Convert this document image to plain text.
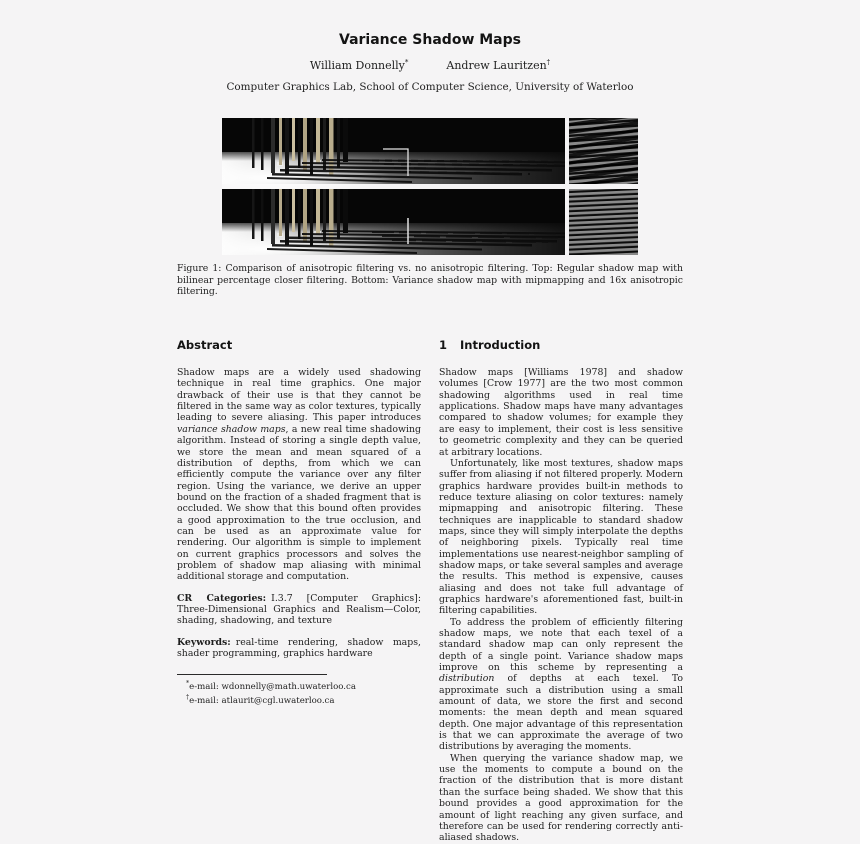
Variance Shadow Maps
William Donnelly*	Andrew Lauritzen†
Computer Graphics Lab, School of Computer Science, University of Waterloo
Figure 1: Comparison of anisotropic filtering vs. no anisotropic filtering. Top: Regular shadow map with bilinear percentage closer filtering. Bottom: Variance shadow map with mipmapping and 16x anisotropic filtering.
Abstract

Shadow maps are a widely used shadowing technique in real time graphics. One major drawback of their use is that they cannot be filtered in the same way as color textures, typically leading to severe aliasing. This paper introduces variance shadow maps, a new real time shadowing algorithm. Instead of storing a single depth value, we store the mean and mean squared of a distribution of depths, from which we can efficiently compute the variance over any filter region. Using the variance, we derive an upper bound on the fraction of a shaded fragment that is occluded. We show that this bound often provides a good approximation to the true occlusion, and can be used as an approximate value for rendering. Our algorithm is simple to implement on current graphics processors and solves the problem of shadow map aliasing with minimal additional storage and computation.

CR Categories: I.3.7 [Computer Graphics]: Three-Dimensional Graphics and Realism—Color, shading, shadowing, and texture

Keywords: real-time rendering, shadow maps, shader programming, graphics hardware

*e-mail: wdonnelly@math.uwaterloo.ca
†e-mail: atlaurit@cgl.uwaterloo.ca
1 Introduction

Shadow maps [Williams 1978] and shadow volumes [Crow 1977] are the two most common shadowing algorithms used in real time applications. Shadow maps have many advantages compared to shadow volumes; for example they are easy to implement, their cost is less sensitive to geometric complexity and they can be queried at arbitrary locations.

Unfortunately, like most textures, shadow maps suffer from aliasing if not filtered properly. Modern graphics hardware provides built-in methods to reduce texture aliasing on color textures: namely mipmapping and anisotropic filtering. These techniques are inapplicable to standard shadow maps, since they will simply interpolate the depths of neighboring pixels. Typically real time implementations use nearest-neighbor sampling of shadow maps, or take several samples and average the results. This method is expensive, causes aliasing and does not take full advantage of graphics hardware's aforementioned fast, built-in filtering capabilities.

To address the problem of efficiently filtering shadow maps, we note that each texel of a standard shadow map can only represent the depth of a single point. Variance shadow maps improve on this scheme by representing a distribution of depths at each texel. To approximate such a distribution using a small amount of data, we store the first and second moments: the mean depth and mean squared depth. One major advantage of this representation is that we can approximate the average of two distributions by averaging the moments.

When querying the variance shadow map, we use the moments to compute a bound on the fraction of the distribution that is more distant than the surface being shaded. We show that this bound provides a good approximation for the amount of light reaching any given surface, and therefore can be used for rendering correctly anti-aliased shadows.
